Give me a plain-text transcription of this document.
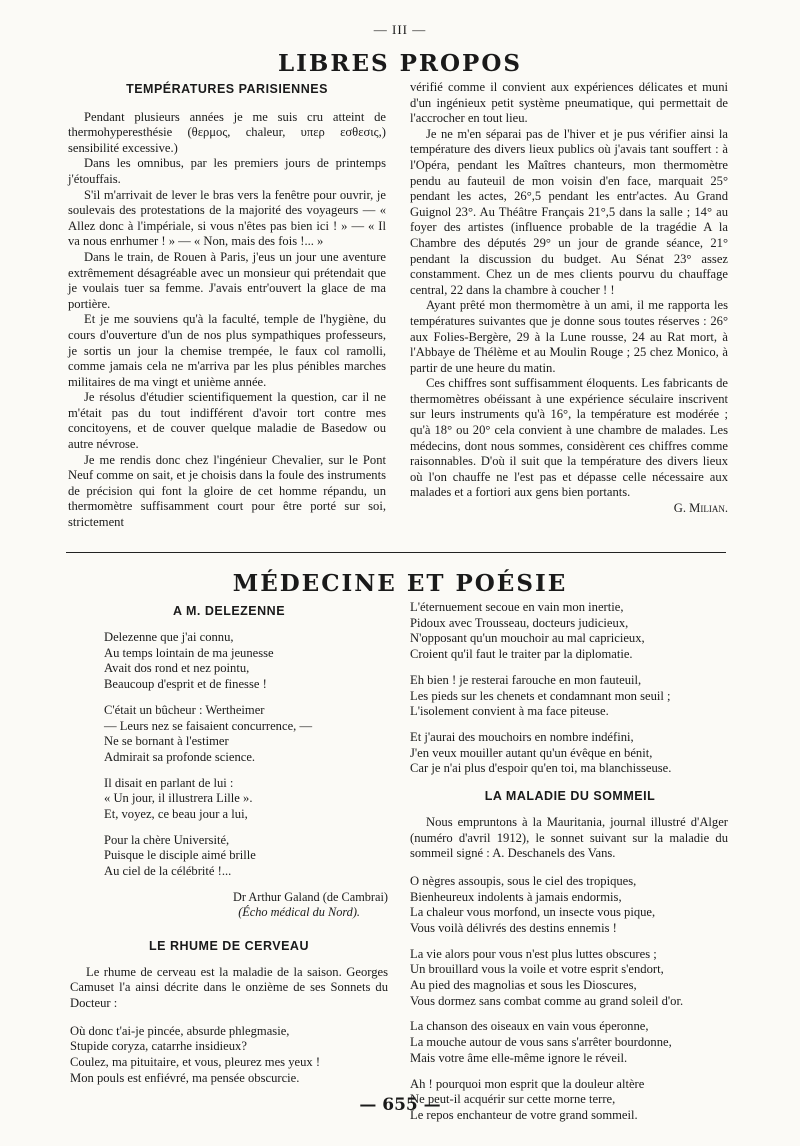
— III —
LIBRES PROPOS
TEMPÉRATURES PARISIENNES

Pendant plusieurs années je me suis cru atteint de thermohyperesthésie (θερμος, chaleur, υπερ εσθεσις,) sensibilité excessive.)

Dans les omnibus, par les premiers jours de printemps j'étouffais.

S'il m'arrivait de lever le bras vers la fenêtre pour ouvrir, je soulevais des protestations de la majorité des voyageurs — « Allez donc à l'impériale, si vous n'êtes pas bien ici ! » — « Il va nous enrhumer ! » — « Non, mais des fois !... »

Dans le train, de Rouen à Paris, j'eus un jour une aventure extrêmement désagréable avec un monsieur qui prétendait que je voulais tuer sa femme. J'avais entr'ouvert la glace de ma portière.

Et je me souviens qu'à la faculté, temple de l'hygiène, du cours d'ouverture d'un de nos plus sympathiques professeurs, je sortis un jour la chemise trempée, le faux col ramolli, comme jamais cela ne m'arriva par les plus pénibles marches militaires de ma vingt et unième année.

Je résolus d'étudier scientifiquement la question, car il ne m'était pas du tout indifférent d'avoir tort contre mes concitoyens, et de couver quelque maladie de Basedow ou autre névrose.

Je me rendis donc chez l'ingénieur Chevalier, sur le Pont Neuf comme on sait, et je choisis dans la foule des instruments de précision qui font la gloire de cet homme répandu, un thermomètre suffisamment court pour être porté sur soi, strictement

vérifié comme il convient aux expériences délicates et muni d'un ingénieux petit système pneumatique, qui permettait de l'accrocher en tout lieu.

Je ne m'en séparai pas de l'hiver et je pus vérifier ainsi la température des divers lieux publics où j'avais tant souffert : à l'Opéra, pendant les Maîtres chanteurs, mon thermomètre pendu au fauteuil de mon voisin d'en face, marquait 25° pendant les actes, 26°,5 pendant les entr'actes. Au Grand Guignol 23°. Au Théâtre Français 21°,5 dans la salle ; 14° au foyer des artistes (influence probable de la tragédie A la Chambre des députés 29° un jour de grande séance, 21° pendant la discussion du budget. Au Sénat 23° assez constamment. Chez un de mes clients pourvu du chauffage central, 22 dans la chambre à coucher ! !

Ayant prêté mon thermomètre à un ami, il me rapporta les températures suivantes que je donne sous toutes réserves : 26° aux Folies-Bergère, 29 à la Lune rousse, 24 au Rat mort, à l'Abbaye de Thélème et au Moulin Rouge ; 25 chez Monico, à partir de une heure du matin.

Ces chiffres sont suffisamment éloquents. Les fabricants de thermomètres obéissant à une expérience séculaire inscrivent sur leurs instruments qu'à 16°, la température est modérée ; qu'à 18° ou 20° cela convient à une chambre de malades. Les médecins, dont nous sommes, considèrent ces chiffres comme raisonnables. D'où il suit que la température des divers lieux où l'on chauffe ne l'est pas et dépasse celle nécessaire aux malades et a fortiori aux gens bien portants.

G. Milian.
MÉDECINE ET POÉSIE
A M. DELEZENNE
Delezenne que j'ai connu,
Au temps lointain de ma jeunesse
Avait dos rond et nez pointu,
Beaucoup d'esprit et de finesse !
C'était un bûcheur : Wertheimer
— Leurs nez se faisaient concurrence, —
Ne se bornant à l'estimer
Admirait sa profonde science.
Il disait en parlant de lui :
« Un jour, il illustrera Lille ».
Et, voyez, ce beau jour a lui,
Pour la chère Université,
Puisque le disciple aimé brille
Au ciel de la célébrité !...
Dr Arthur Galand (de Cambrai)
(Écho médical du Nord).
LE RHUME DE CERVEAU

Le rhume de cerveau est la maladie de la saison. Georges Camuset l'a ainsi décrite dans le onzième de ses Sonnets du Docteur :

Où donc t'ai-je pincée, absurde phlegmasie,
Stupide coryza, catarrhe insidieux?
Coulez, ma pituitaire, et vous, pleurez mes yeux !
Mon pouls est enfiévré, ma pensée obscurcie.
L'éternuement secoue en vain mon inertie,
Pidoux avec Trousseau, docteurs judicieux,
N'opposant qu'un mouchoir au mal capricieux,
Croient qu'il faut le traiter par la diplomatie.
Eh bien ! je resterai farouche en mon fauteuil,
Les pieds sur les chenets et condamnant mon seuil ;
L'isolement convient à ma face piteuse.
Et j'aurai des mouchoirs en nombre indéfini,
J'en veux mouiller autant qu'un évêque en bénit,
Car je n'ai plus d'espoir qu'en toi, ma blanchisseuse.
LA MALADIE DU SOMMEIL

Nous empruntons à la Mauritania, journal illustré d'Alger (numéro d'avril 1912), le sonnet suivant sur la maladie du sommeil signé : A. Deschanels des Vans.

O nègres assoupis, sous le ciel des tropiques,
Bienheureux indolents à jamais endormis,
La chaleur vous morfond, un insecte vous pique,
Vous voilà délivrés des destins ennemis !
La vie alors pour vous n'est plus luttes obscures ;
Un brouillard vous la voile et votre esprit s'endort,
Au pied des magnolias et sous les Dioscures,
Vous dormez sans combat comme au grand soleil d'or.
La chanson des oiseaux en vain vous éperonne,
La mouche autour de vous sans s'arrêter bourdonne,
Mais votre âme elle-même ignore le réveil.
Ah ! pourquoi mon esprit que la douleur altère
Ne peut-il acquérir sur cette morne terre,
Le repos enchanteur de votre grand sommeil.
— 655 —
